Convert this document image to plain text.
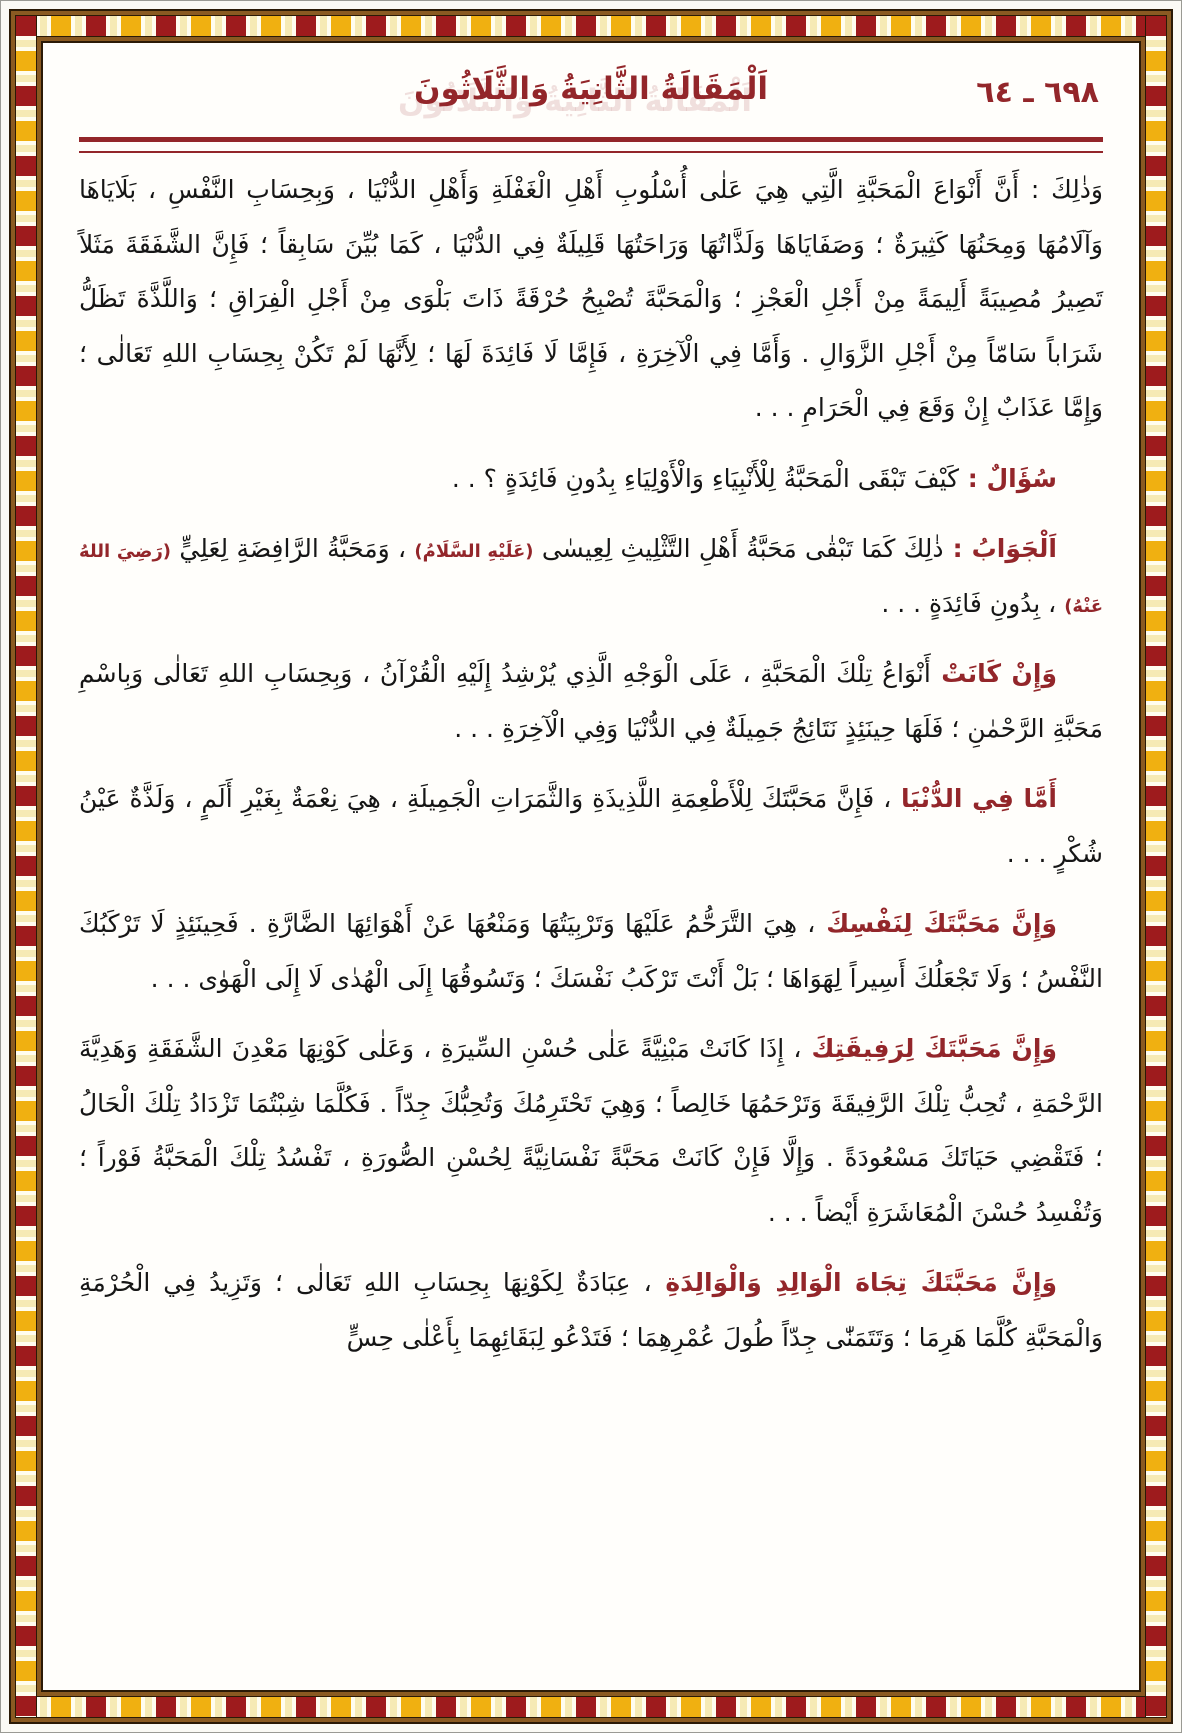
٦٩٨ ـ ٦٤
اَلْمَقَالَةُ الثَّانِيَةُ وَالثَّلَاثُونَ

وَذٰلِكَ : أَنَّ أَنْوَاعَ الْمَحَبَّةِ الَّتِي هِيَ عَلٰى أُسْلُوبِ أَهْلِ الْغَفْلَةِ وَأَهْلِ الدُّنْيَا ، وَبِحِسَابِ النَّفْسِ ، بَلَايَاهَا وَآلَامُهَا وَمِحَنُهَا كَثِيرَةٌ ؛ وَصَفَايَاهَا وَلَذَّاتُهَا وَرَاحَتُهَا قَلِيلَةٌ فِي الدُّنْيَا ، كَمَا بُيِّنَ سَابِقاً ؛ فَإِنَّ الشَّفَقَةَ مَثَلاً تَصِيرُ مُصِيبَةً أَلِيمَةً مِنْ أَجْلِ الْعَجْزِ ؛ وَالْمَحَبَّةَ تُصْبِحُ حُرْقَةً ذَاتَ بَلْوَى مِنْ أَجْلِ الْفِرَاقِ ؛ وَاللَّذَّةَ تَظَلُّ شَرَاباً سَامّاً مِنْ أَجْلِ الزَّوَالِ . وَأَمَّا فِي الْآخِرَةِ ، فَإِمَّا لَا فَائِدَةَ لَهَا ؛ لِأَنَّهَا لَمْ تَكُنْ بِحِسَابِ اللهِ تَعَالٰى ؛ وَإِمَّا عَذَابٌ إِنْ وَقَعَ فِي الْحَرَامِ . . .

سُؤَالٌ : كَيْفَ تَبْقَى الْمَحَبَّةُ لِلْأَنْبِيَاءِ وَالْأَوْلِيَاءِ بِدُونِ فَائِدَةٍ ؟ . .

اَلْجَوَابُ : ذٰلِكَ كَمَا تَبْقٰى مَحَبَّةُ أَهْلِ التَّثْلِيثِ لِعِيسٰى (عَلَيْهِ السَّلَامُ) ، وَمَحَبَّةُ الرَّافِضَةِ لِعَلِيٍّ (رَضِيَ اللهُ عَنْهُ) ، بِدُونِ فَائِدَةٍ . . .

وَإِنْ كَانَتْ أَنْوَاعُ تِلْكَ الْمَحَبَّةِ ، عَلَى الْوَجْهِ الَّذِي يُرْشِدُ إِلَيْهِ الْقُرْآنُ ، وَبِحِسَابِ اللهِ تَعَالٰى وَبِاسْمِ مَحَبَّةِ الرَّحْمٰنِ ؛ فَلَهَا حِينَئِذٍ نَتَائِجُ جَمِيلَةٌ فِي الدُّنْيَا وَفِي الْآخِرَةِ . . .

أَمَّا فِي الدُّنْيَا ، فَإِنَّ مَحَبَّتَكَ لِلْأَطْعِمَةِ اللَّذِيذَةِ وَالثَّمَرَاتِ الْجَمِيلَةِ ، هِيَ نِعْمَةٌ بِغَيْرِ أَلَمٍ ، وَلَذَّةٌ عَيْنُ شُكْرٍ . . .

وَإِنَّ مَحَبَّتَكَ لِنَفْسِكَ ، هِيَ التَّرَحُّمُ عَلَيْهَا وَتَرْبِيَتُهَا وَمَنْعُهَا عَنْ أَهْوَائِهَا الضَّارَّةِ . فَحِينَئِذٍ لَا تَرْكَبُكَ النَّفْسُ ؛ وَلَا تَجْعَلُكَ أَسِيراً لِهَوَاهَا ؛ بَلْ أَنْتَ تَرْكَبُ نَفْسَكَ ؛ وَتَسُوقُهَا إِلَى الْهُدٰى لَا إِلَى الْهَوٰى . . .

وَإِنَّ مَحَبَّتَكَ لِرَفِيقَتِكَ ، إِذَا كَانَتْ مَبْنِيَّةً عَلٰى حُسْنِ السِّيرَةِ ، وَعَلٰى كَوْنِهَا مَعْدِنَ الشَّفَقَةِ وَهَدِيَّةَ الرَّحْمَةِ ، تُحِبُّ تِلْكَ الرَّفِيقَةَ وَتَرْحَمُهَا خَالِصاً ؛ وَهِيَ تَحْتَرِمُكَ وَتُحِبُّكَ جِدّاً . فَكُلَّمَا شِبْتُمَا تَزْدَادُ تِلْكَ الْحَالُ ؛ فَتَقْضِي حَيَاتَكَ مَسْعُودَةً . وَإِلَّا فَإِنْ كَانَتْ مَحَبَّةً نَفْسَانِيَّةً لِحُسْنِ الصُّورَةِ ، تَفْسُدُ تِلْكَ الْمَحَبَّةُ فَوْراً ؛ وَتُفْسِدُ حُسْنَ الْمُعَاشَرَةِ أَيْضاً . . .

وَإِنَّ مَحَبَّتَكَ تِجَاهَ الْوَالِدِ وَالْوَالِدَةِ ، عِبَادَةٌ لِكَوْنِهَا بِحِسَابِ اللهِ تَعَالٰى ؛ وَتَزِيدُ فِي الْحُرْمَةِ وَالْمَحَبَّةِ كُلَّمَا هَرِمَا ؛ وَتَتَمَنّٰى جِدّاً طُولَ عُمْرِهِمَا ؛ فَتَدْعُو لِبَقَائِهِمَا بِأَعْلٰى حِسٍّ
